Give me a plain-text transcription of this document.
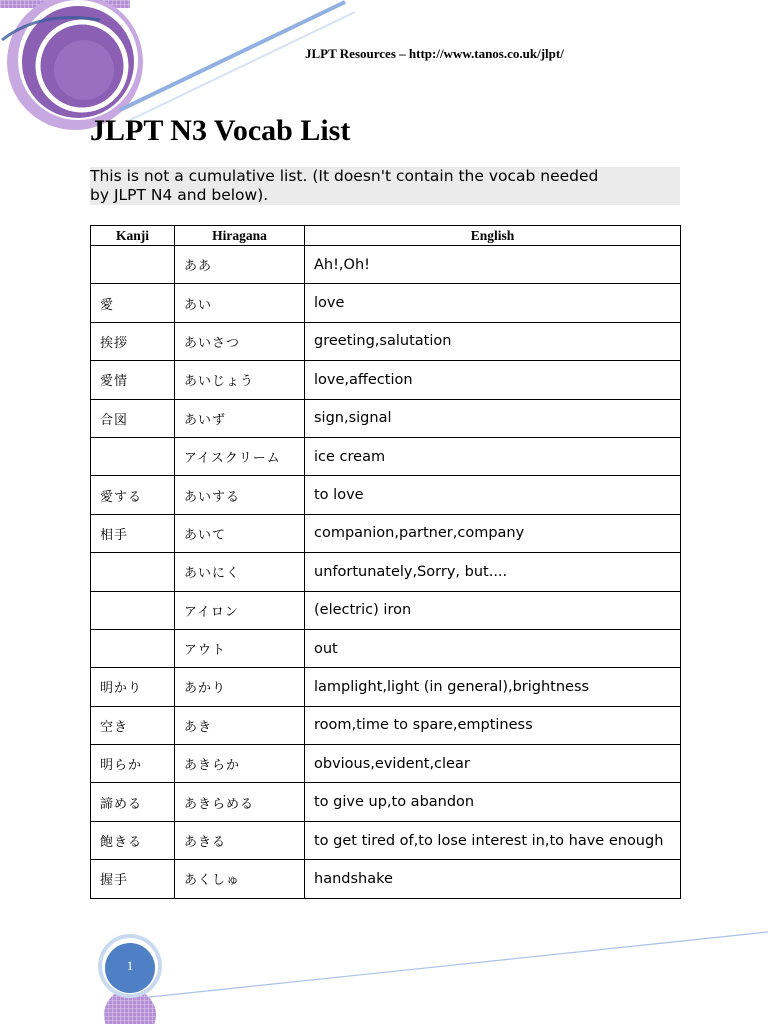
JLPT Resources – http://www.tanos.co.uk/jlpt/
JLPT N3 Vocab List
This is not a cumulative list. (It doesn't contain the vocab needed
by JLPT N4 and below).
Kanji	Hiragana	English
	ああ	Ah!,Oh!
愛	あい	love
挨拶	あいさつ	greeting,salutation
愛情	あいじょう	love,affection
合図	あいず	sign,signal
	アイスクリーム	ice cream
愛する	あいする	to love
相手	あいて	companion,partner,company
	あいにく	unfortunately,Sorry, but....
	アイロン	(electric) iron
	アウト	out
明かり	あかり	lamplight,light (in general),brightness
空き	あき	room,time to spare,emptiness
明らか	あきらか	obvious,evident,clear
諦める	あきらめる	to give up,to abandon
飽きる	あきる	to get tired of,to lose interest in,to have enough
握手	あくしゅ	handshake
1
